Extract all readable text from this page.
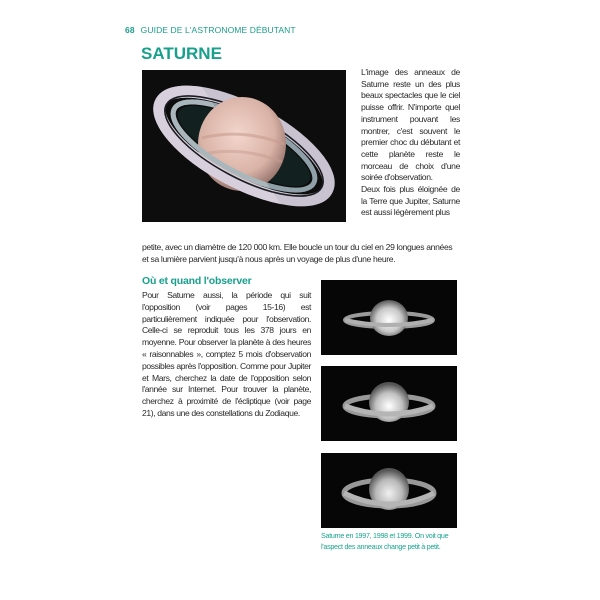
68 GUIDE DE L'ASTRONOME DÉBUTANT
SATURNE

L'image des anneaux de Saturne reste un des plus beaux spectacles que le ciel puisse offrir. N'importe quel instrument pouvant les montrer, c'est souvent le premier choc du débutant et cette planète reste le morceau de choix d'une soirée d'observation.

Deux fois plus éloignée de la Terre que Jupiter, Saturne est aussi légèrement plus

petite, avec un diamètre de 120 000 km. Elle boucle un tour du ciel en 29 longues années et sa lumière parvient jusqu'à nous après un voyage de plus d'une heure.
Où et quand l'observer
Pour Saturne aussi, la période qui suit l'opposition (voir pages 15-16) est particulièrement indiquée pour l'observation. Celle-ci se reproduit tous les 378 jours en moyenne. Pour observer la planète à des heures « raisonnables », comptez 5 mois d'observation possibles après l'opposition. Comme pour Jupiter et Mars, cherchez la date de l'opposition selon l'année sur Internet. Pour trouver la planète, cherchez à proximité de l'écliptique (voir page 21), dans une des constellations du Zodiaque.
Saturne en 1997, 1998 et 1999. On voit que l'aspect des anneaux change petit à petit.
